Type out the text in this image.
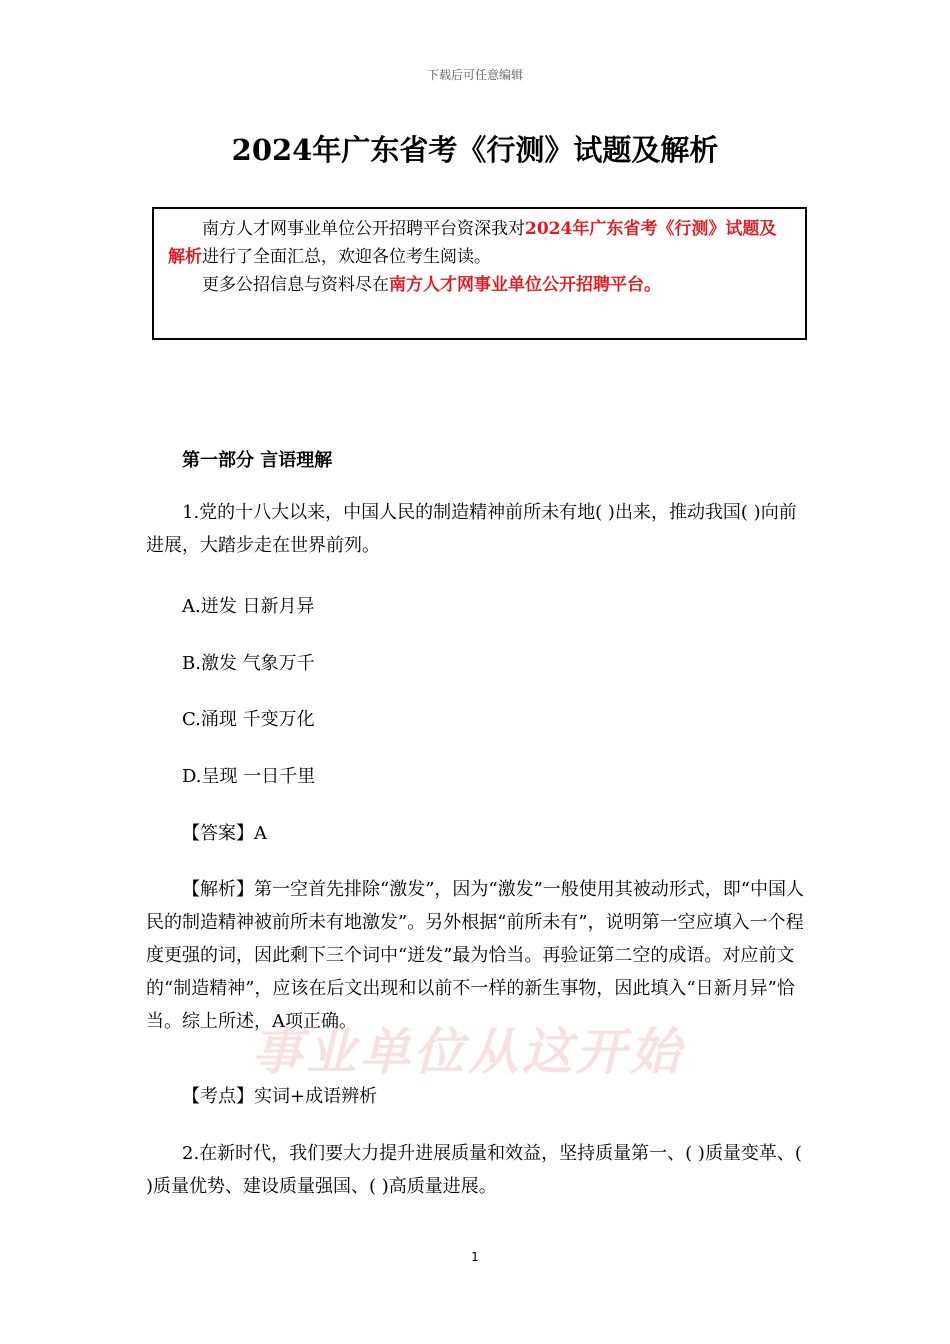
下载后可任意编辑
2024年广东省考《行测》试题及解析

南方人才网事业单位公开招聘平台资深我对2024年广东省考《行测》试题及解析进行了全面汇总，欢迎各位考生阅读。

更多公招信息与资料尽在南方人才网事业单位公开招聘平台。

第一部分 言语理解

1.党的十八大以来，中国人民的制造精神前所未有地( )出来，推动我国( )向前进展，大踏步走在世界前列。

A.迸发 日新月异
B.激发 气象万千
C.涌现 千变万化
D.呈现 一日千里
【答案】A

【解析】第一空首先排除“激发”，因为“激发”一般使用其被动形式，即“中国人民的制造精神被前所未有地激发”。另外根据“前所未有”，说明第一空应填入一个程度更强的词，因此剩下三个词中“迸发”最为恰当。再验证第二空的成语。对应前文的“制造精神”，应该在后文出现和以前不一样的新生事物，因此填入“日新月异”恰当。综上所述，A项正确。

事业单位从这开始
【考点】实词+成语辨析

2.在新时代，我们要大力提升进展质量和效益，坚持质量第一、( )质量变革、( )质量优势、建设质量强国、( )高质量进展。

1
